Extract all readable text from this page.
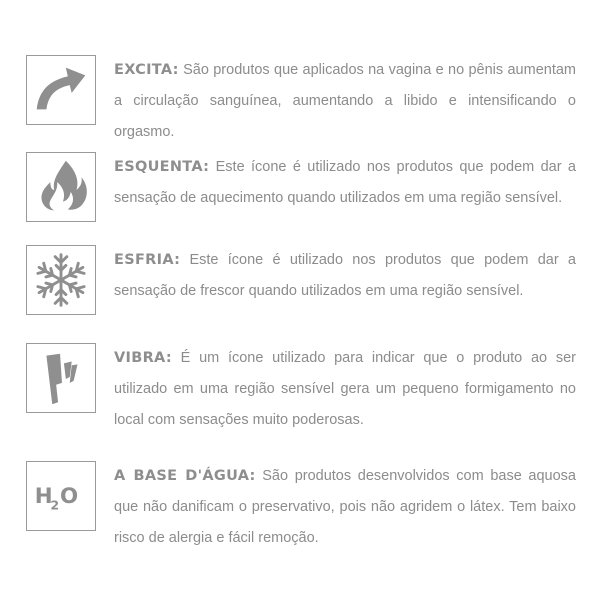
EXCITA: São produtos que aplicados na vagina e no pênis aumentam a circulação sanguínea, aumentando a libido e intensificando o orgasmo.
ESQUENTA: Este ícone é utilizado nos produtos que podem dar a sensação de aquecimento quando utilizados em uma região sensível.
ESFRIA: Este ícone é utilizado nos produtos que podem dar a sensação de frescor quando utilizados em uma região sensível.
VIBRA: É um ícone utilizado para indicar que o produto ao ser utilizado em uma região sensível gera um pequeno formigamento no local com sensações muito poderosas.
H
2 O
A BASE D'ÁGUA: São produtos desenvolvidos com base aquosa que não danificam o preservativo, pois não agridem o látex. Tem baixo risco de alergia e fácil remoção.
